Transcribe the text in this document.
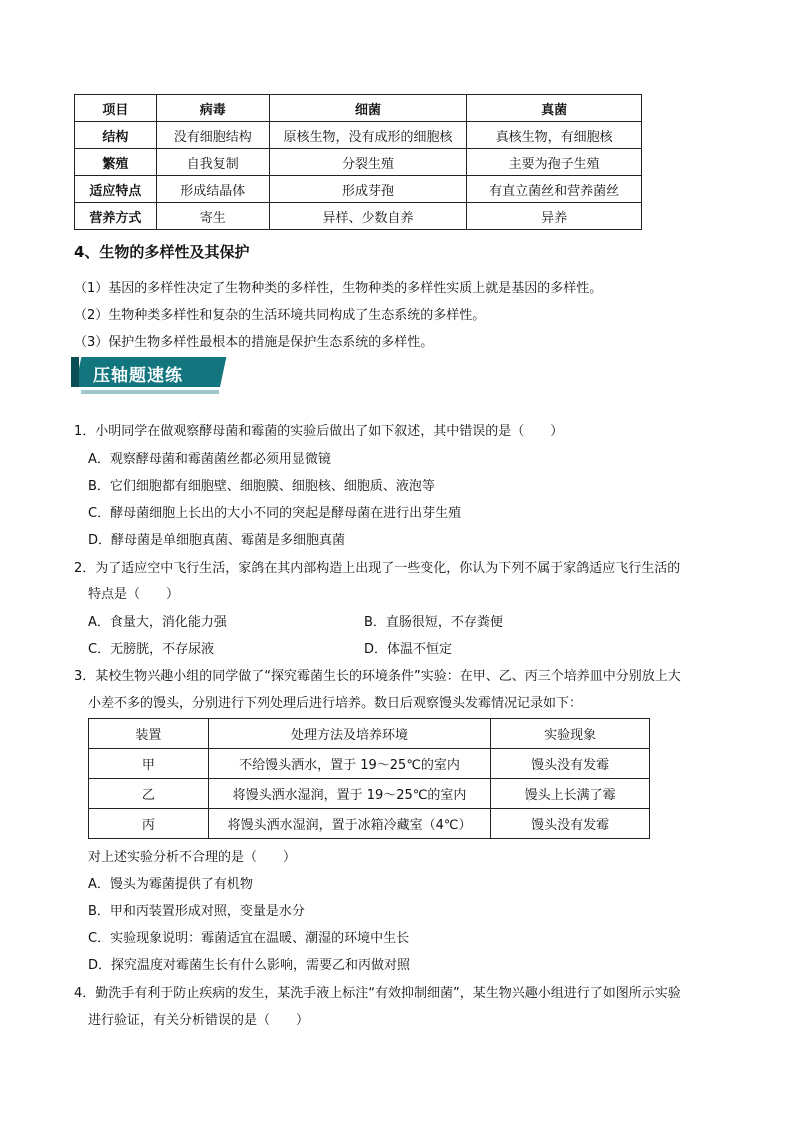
项目	病毒	细菌	真菌
结构	没有细胞结构	原核生物，没有成形的细胞核	真核生物，有细胞核
繁殖	自我复制	分裂生殖	主要为孢子生殖
适应特点	形成结晶体	形成芽孢	有直立菌丝和营养菌丝
营养方式	寄生	异样、少数自养	异养
4、生物的多样性及其保护
（1）基因的多样性决定了生物种类的多样性，生物种类的多样性实质上就是基因的多样性。
（2）生物种类多样性和复杂的生活环境共同构成了生态系统的多样性。
（3）保护生物多样性最根本的措施是保护生态系统的多样性。
压轴题速练
1．小明同学在做观察酵母菌和霉菌的实验后做出了如下叙述，其中错误的是（　　）
A．观察酵母菌和霉菌菌丝都必须用显微镜
B．它们细胞都有细胞壁、细胞膜、细胞核、细胞质、液泡等
C．酵母菌细胞上长出的大小不同的突起是酵母菌在进行出芽生殖
D．酵母菌是单细胞真菌、霉菌是多细胞真菌
2．为了适应空中飞行生活，家鸽在其内部构造上出现了一些变化，你认为下列不属于家鸽适应飞行生活的
特点是（　　）
A．食量大，消化能力强	B．直肠很短，不存粪便
C．无膀胱，不存尿液	D．体温不恒定
3．某校生物兴趣小组的同学做了“探究霉菌生长的环境条件”实验：在甲、乙、丙三个培养皿中分别放上大
小差不多的馒头，分别进行下列处理后进行培养。数日后观察馒头发霉情况记录如下：
装置	处理方法及培养环境	实验现象
甲	不给馒头洒水，置于 19～25℃的室内	馒头没有发霉
乙	将馒头洒水湿润，置于 19～25℃的室内	馒头上长满了霉
丙	将馒头洒水湿润，置于冰箱冷藏室（4℃）	馒头没有发霉
对上述实验分析不合理的是（　　）
A．馒头为霉菌提供了有机物
B．甲和丙装置形成对照，变量是水分
C．实验现象说明：霉菌适宜在温暖、潮湿的环境中生长
D．探究温度对霉菌生长有什么影响，需要乙和丙做对照
4．勤洗手有利于防止疾病的发生，某洗手液上标注“有效抑制细菌”，某生物兴趣小组进行了如图所示实验
进行验证，有关分析错误的是（　　）
